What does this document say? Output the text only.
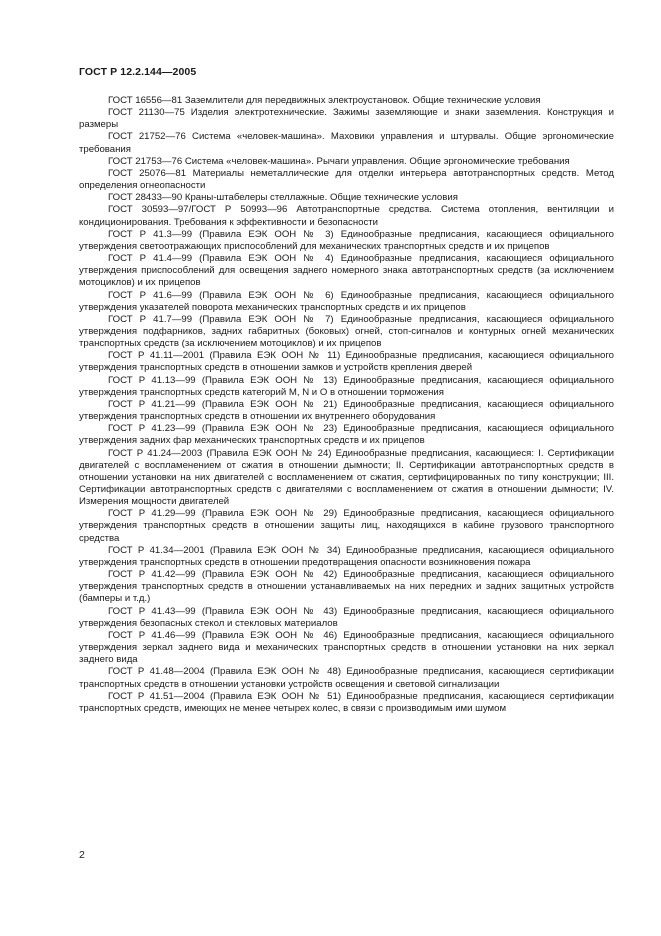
ГОСТ Р 12.2.144—2005

ГОСТ 16556—81 Заземлители для передвижных электроустановок. Общие технические условия

ГОСТ 21130—75 Изделия электротехнические. Зажимы заземляющие и знаки заземления. Конструкция и размеры

ГОСТ 21752—76 Система «человек-машина». Маховики управления и штурвалы. Общие эргономические требования

ГОСТ 21753—76 Система «человек-машина». Рычаги управления. Общие эргономические требования

ГОСТ 25076—81 Материалы неметаллические для отделки интерьера автотранспортных средств. Метод определения огнеопасности

ГОСТ 28433—90 Краны-штабелеры стеллажные. Общие технические условия

ГОСТ 30593—97/ГОСТ Р 50993—96 Автотранспортные средства. Система отопления, вентиляции и кондиционирования. Требования к эффективности и безопасности

ГОСТ Р 41.3—99 (Правила ЕЭК ООН № 3) Единообразные предписания, касающиеся официального утверждения светоотражающих приспособлений для механических транспортных средств и их прицепов

ГОСТ Р 41.4—99 (Правила ЕЭК ООН № 4) Единообразные предписания, касающиеся официального утверждения приспособлений для освещения заднего номерного знака автотранспортных средств (за исключением мотоциклов) и их прицепов

ГОСТ Р 41.6—99 (Правила ЕЭК ООН № 6) Единообразные предписания, касающиеся официального утверждения указателей поворота механических транспортных средств и их прицепов

ГОСТ Р 41.7—99 (Правила ЕЭК ООН № 7) Единообразные предписания, касающиеся официального утверждения подфарников, задних габаритных (боковых) огней, стоп-сигналов и контурных огней механических транспортных средств (за исключением мотоциклов) и их прицепов

ГОСТ Р 41.11—2001 (Правила ЕЭК ООН № 11) Единообразные предписания, касающиеся официального утверждения транспортных средств в отношении замков и устройств крепления дверей

ГОСТ Р 41.13—99 (Правила ЕЭК ООН № 13) Единообразные предписания, касающиеся официального утверждения транспортных средств категорий М, N и О в отношении торможения

ГОСТ Р 41.21—99 (Правила ЕЭК ООН № 21) Единообразные предписания, касающиеся официального утверждения транспортных средств в отношении их внутреннего оборудования

ГОСТ Р 41.23—99 (Правила ЕЭК ООН № 23) Единообразные предписания, касающиеся официального утверждения задних фар механических транспортных средств и их прицепов

ГОСТ Р 41.24—2003 (Правила ЕЭК ООН № 24) Единообразные предписания, касающиеся: I. Сертификации двигателей с воспламенением от сжатия в отношении дымности; II. Сертификации автотранспортных средств в отношении установки на них двигателей с воспламенением от сжатия, сертифицированных по типу конструкции; III. Сертификации автотранспортных средств с двигателями с воспламенением от сжатия в отношении дымности; IV. Измерения мощности двигателей

ГОСТ Р 41.29—99 (Правила ЕЭК ООН № 29) Единообразные предписания, касающиеся официального утверждения транспортных средств в отношении защиты лиц, находящихся в кабине грузового транспортного средства

ГОСТ Р 41.34—2001 (Правила ЕЭК ООН № 34) Единообразные предписания, касающиеся официального утверждения транспортных средств в отношении предотвращения опасности возникновения пожара

ГОСТ Р 41.42—99 (Правила ЕЭК ООН № 42) Единообразные предписания, касающиеся официального утверждения транспортных средств в отношении устанавливаемых на них передних и задних защитных устройств (бамперы и т.д.)

ГОСТ Р 41.43—99 (Правила ЕЭК ООН № 43) Единообразные предписания, касающиеся официального утверждения безопасных стекол и стекловых материалов

ГОСТ Р 41.46—99 (Правила ЕЭК ООН № 46) Единообразные предписания, касающиеся официального утверждения зеркал заднего вида и механических транспортных средств в отношении установки на них зеркал заднего вида

ГОСТ Р 41.48—2004 (Правила ЕЭК ООН № 48) Единообразные предписания, касающиеся сертификации транспортных средств в отношении установки устройств освещения и световой сигнализации

ГОСТ Р 41.51—2004 (Правила ЕЭК ООН № 51) Единообразные предписания, касающиеся сертификации транспортных средств, имеющих не менее четырех колес, в связи с производимым ими шумом

2
